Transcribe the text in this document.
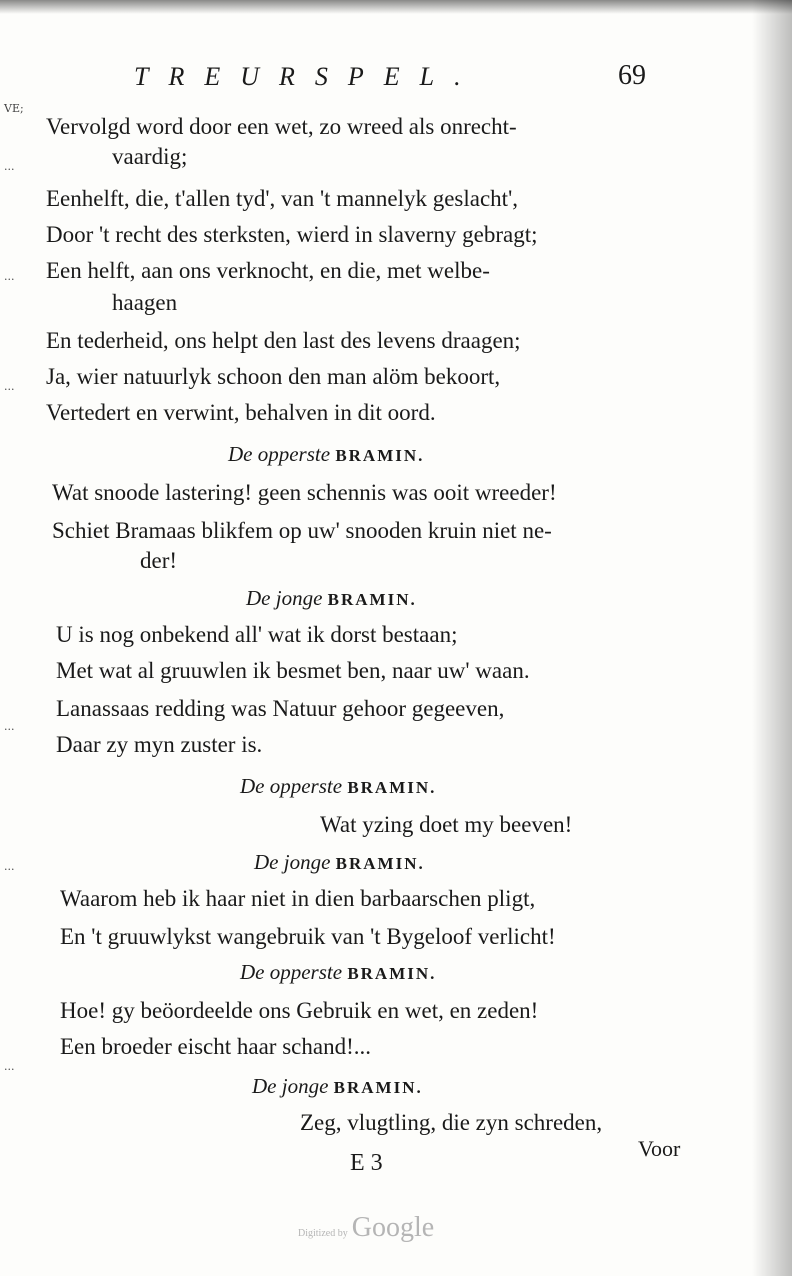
VE;
...
...
...
...
...
...
TREURSPEL.	69
Vervolgd word door een wet, zo wreed als onrecht-
vaardig;
Eenhelft, die, t'allen tyd', van 't mannelyk geslacht',
Door 't recht des sterksten, wierd in slaverny gebragt;
Een helft, aan ons verknocht, en die, met welbe-
haagen
En tederheid, ons helpt den last des levens draagen;
Ja, wier natuurlyk schoon den man alöm bekoort,
Vertedert en verwint, behalven in dit oord.
De opperste BRAMIN.
Wat snoode lastering! geen schennis was ooit wreeder!
Schiet Bramaas blikfem op uw' snooden kruin niet ne-
der!
De jonge BRAMIN.
U is nog onbekend all' wat ik dorst bestaan;
Met wat al gruuwlen ik besmet ben, naar uw' waan.
Lanassaas redding was Natuur gehoor gegeeven,
Daar zy myn zuster is.
De opperste BRAMIN.
Wat yzing doet my beeven!
De jonge BRAMIN.
Waarom heb ik haar niet in dien barbaarschen pligt,
En 't gruuwlykst wangebruik van 't Bygeloof verlicht!
De opperste BRAMIN.
Hoe! gy beöordeelde ons Gebruik en wet, en zeden!
Een broeder eischt haar schand!...
De jonge BRAMIN.
Zeg, vlugtling, die zyn schreden,
Voor
E 3
Digitized by Google
